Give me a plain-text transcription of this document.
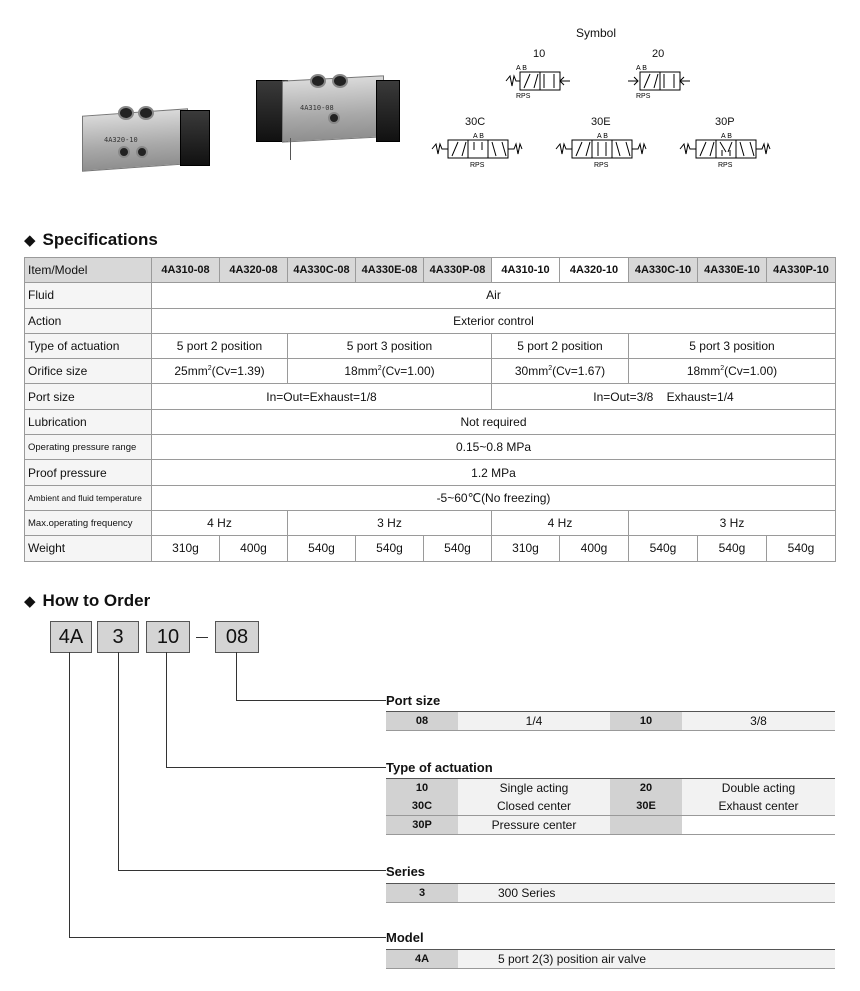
4A320-10
4A310-08
Symbol
10	20
30C	30E	30P
A B
RPS
A B
RPS
A B
RPS
A B
RPS
A B
RPS
◆ Specifications
Item/Model	4A310-08	4A320-08	4A330C-08	4A330E-08	4A330P-08	4A310-10	4A320-10	4A330C-10	4A330E-10	4A330P-10
Fluid	Air									
Action	Exterior control									
Type of actuation	5 port 2 position		5 port 3 position			5 port 2 position		5 port 3 position		
Orifice size	$25mm^2(Cv=1.39)$		$18mm^2(Cv=1.00)$			$30mm^2(Cv=1.67)$		$18mm^2(Cv=1.00)$		
Port size	In=Out=Exhaust=1/8					In=Out=3/8    Exhaust=1/4				
Lubrication	Not required									
Operating pressure range	0.15~0.8 MPa									
Proof pressure	1.2 MPa									
Ambient and fluid temperature	-5~60℃(No freezing)									
Max.operating frequency	4 Hz		3 Hz			4 Hz		3 Hz		
Weight	310g	400g	540g	540g	540g	310g	400g	540g	540g	540g
◆ How to Order
4A	3	10	08
Port size
08	1/4	10	3/8
Type of actuation
10	Single acting	20	Double acting
30C	Closed center	30E	Exhaust center
30P	Pressure center
Series
3	300 Series
Model
4A	5 port 2(3) position air valve
